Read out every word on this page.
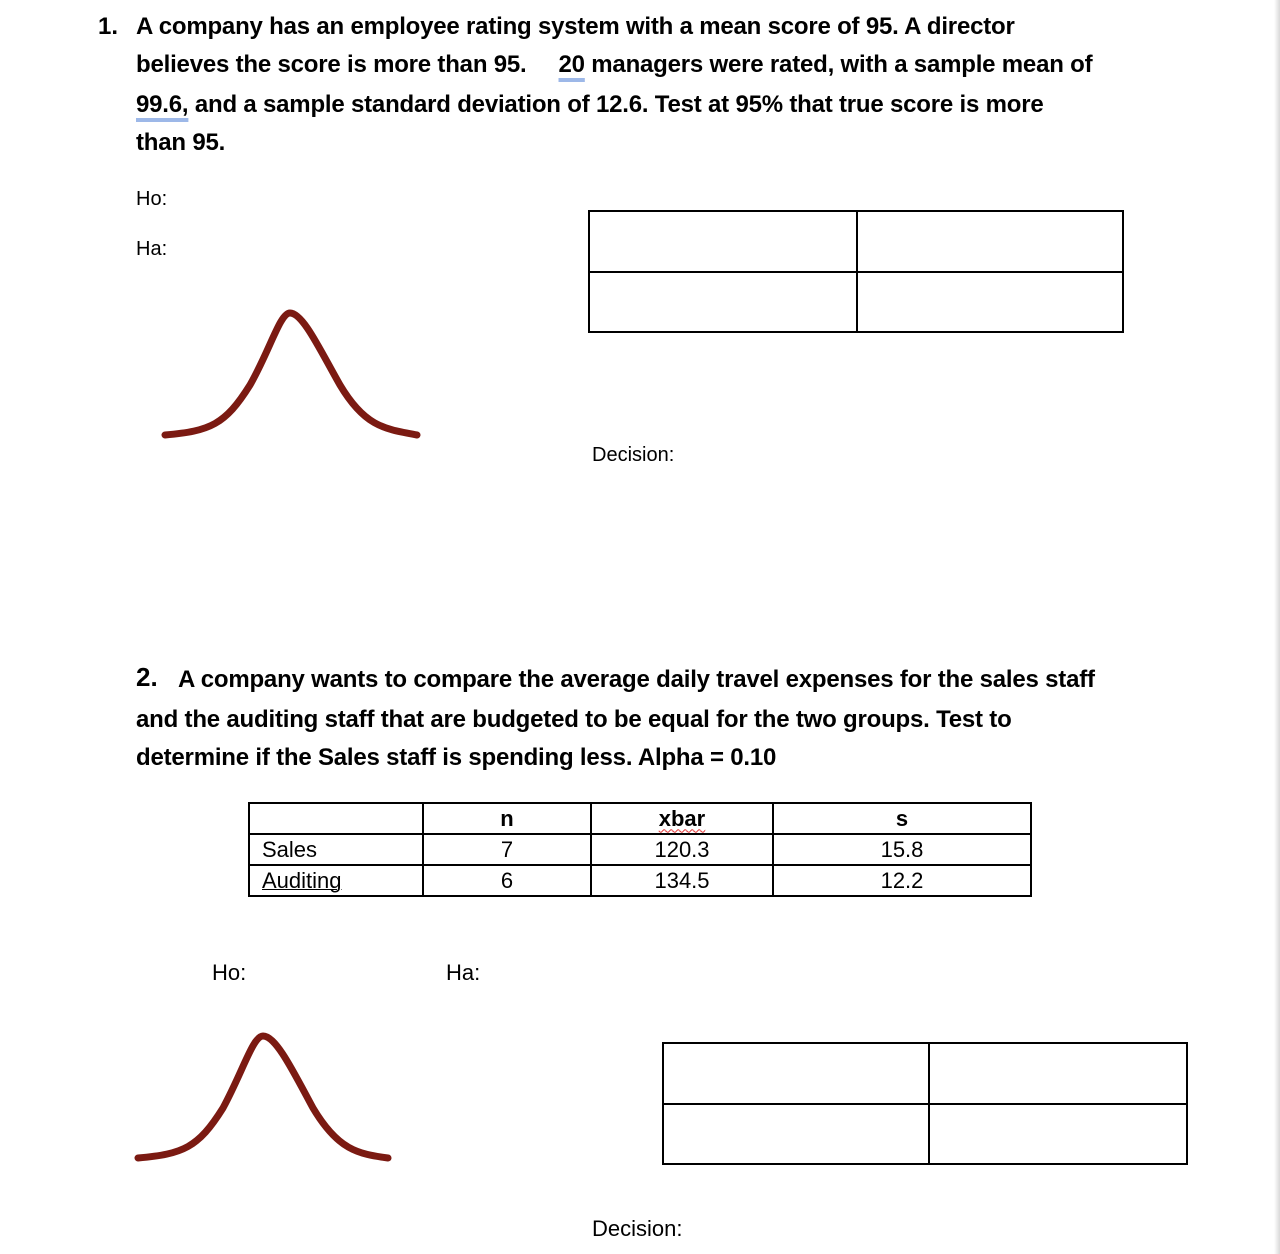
1. A company has an employee rating system with a mean score of 95. A director
believes the score is more than 95. 20 managers were rated, with a sample mean of
99.6, and a sample standard deviation of 12.6. Test at 95% that true score is more
than 95.
Ho:
Ha:

Decision:
2. A company wants to compare the average daily travel expenses for the sales staff
and the auditing staff that are budgeted to be equal for the two groups. Test to
determine if the Sales staff is spending less. Alpha = 0.10
	n	xbar	s
Sales	7	120.3	15.8
Auditing	6	134.5	12.2
Ho:	Ha:

Decision:
